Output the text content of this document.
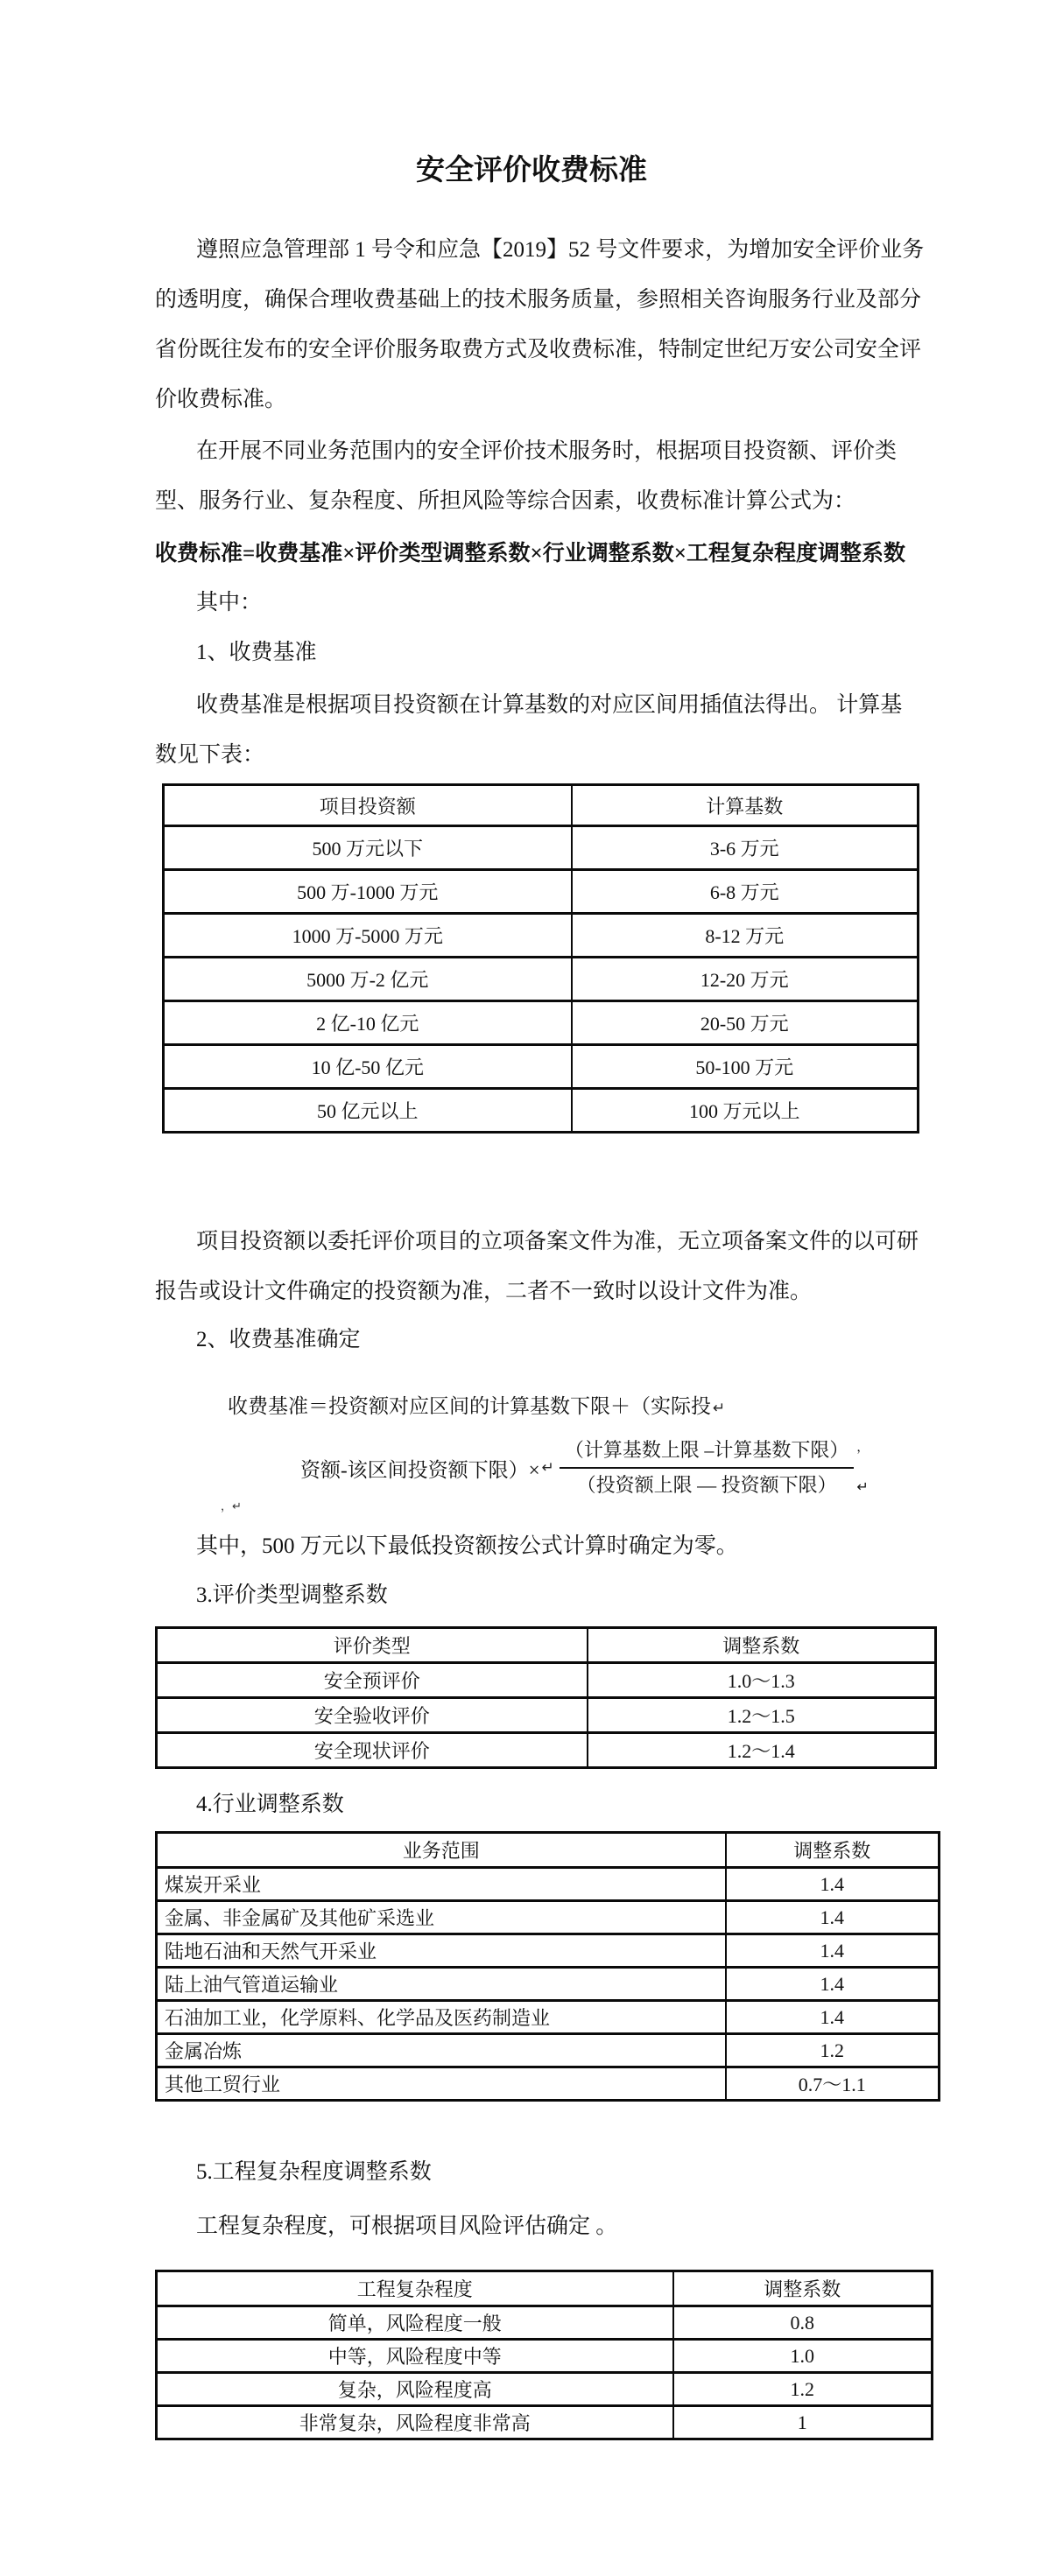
安全评价收费标准
遵照应急管理部 1 号令和应急【2019】52 号文件要求，为增加安全评价业务
的透明度，确保合理收费基础上的技术服务质量，参照相关咨询服务行业及部分
省份既往发布的安全评价服务取费方式及收费标准，特制定世纪万安公司安全评
价收费标准。
在开展不同业务范围内的安全评价技术服务时，根据项目投资额、评价类
型、服务行业、复杂程度、所担风险等综合因素，收费标准计算公式为：
收费标准=收费基准×评价类型调整系数×行业调整系数×工程复杂程度调整系数
其中：
1、收费基准
收费基准是根据项目投资额在计算基数的对应区间用插值法得出。 计算基
数见下表：
项目投资额	计算基数
500 万元以下	3-6 万元
500 万-1000 万元	6-8 万元
1000 万-5000 万元	8-12 万元
5000 万-2 亿元	12-20 万元
2 亿-10 亿元	20-50 万元
10 亿-50 亿元	50-100 万元
50 亿元以上	100 万元以上
项目投资额以委托评价项目的立项备案文件为准，无立项备案文件的以可研
报告或设计文件确定的投资额为准，二者不一致时以设计文件为准。
2、收费基准确定
收费基准＝投资额对应区间的计算基数下限＋（实际投 ↵
资额-该区间投资额下限）× ↵ $\frac{\text{（计算基数上限 –计算基数下限）}}{\text{（投资额上限 — 投资额下限）}}$ ，
↵
，↵
其中，500 万元以下最低投资额按公式计算时确定为零。
3.评价类型调整系数
评价类型	调整系数
安全预评价	1.0～1.3
安全验收评价	1.2～1.5
安全现状评价	1.2～1.4
4.行业调整系数
业务范围	调整系数
煤炭开采业	1.4
金属、非金属矿及其他矿采选业	1.4
陆地石油和天然气开采业	1.4
陆上油气管道运输业	1.4
石油加工业，化学原料、化学品及医药制造业	1.4
金属冶炼	1.2
其他工贸行业	0.7～1.1
5.工程复杂程度调整系数
工程复杂程度，可根据项目风险评估确定 。
工程复杂程度	调整系数
简单，风险程度一般	0.8
中等，风险程度中等	1.0
复杂，风险程度高	1.2
非常复杂，风险程度非常高	1
